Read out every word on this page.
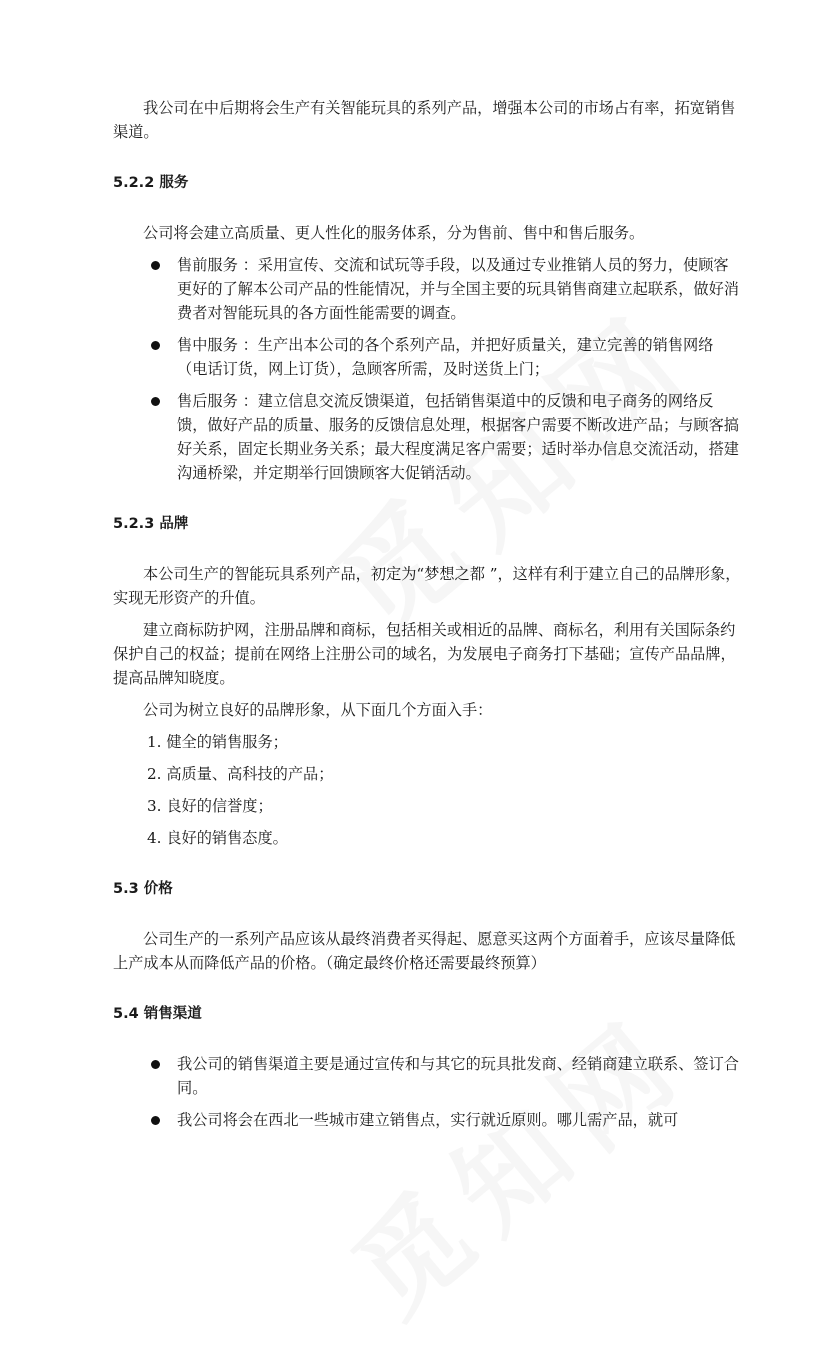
我公司在中后期将会生产有关智能玩具的系列产品，增强本公司的市场占有率，拓宽销售渠道。

5.2.2 服务

公司将会建立高质量、更人性化的服务体系，分为售前、售中和售后服务。

售前服务 ：采用宣传、交流和试玩等手段，以及通过专业推销人员的努力，使顾客更好的了解本公司产品的性能情况，并与全国主要的玩具销售商建立起联系，做好消费者对智能玩具的各方面性能需要的调查。
售中服务 ：生产出本公司的各个系列产品，并把好质量关，建立完善的销售网络（电话订货，网上订货），急顾客所需，及时送货上门；
售后服务 ：建立信息交流反馈渠道，包括销售渠道中的反馈和电子商务的网络反馈，做好产品的质量、服务的反馈信息处理，根据客户需要不断改进产品；与顾客搞好关系，固定长期业务关系；最大程度满足客户需要；适时举办信息交流活动，搭建沟通桥梁，并定期举行回馈顾客大促销活动。

5.2.3 品牌

本公司生产的智能玩具系列产品，初定为“梦想之都 ”，这样有利于建立自己的品牌形象，实现无形资产的升值。

建立商标防护网，注册品牌和商标，包括相关或相近的品牌、商标名，利用有关国际条约保护自己的权益；提前在网络上注册公司的域名，为发展电子商务打下基础；宣传产品品牌，提高品牌知晓度。

公司为树立良好的品牌形象，从下面几个方面入手：

1. 健全的销售服务；

2. 高质量、高科技的产品；

3. 良好的信誉度；

4. 良好的销售态度。

5.3 价格

公司生产的一系列产品应该从最终消费者买得起、愿意买这两个方面着手，应该尽量降低上产成本从而降低产品的价格。（确定最终价格还需要最终预算）

5.4 销售渠道

我公司的销售渠道主要是通过宣传和与其它的玩具批发商、经销商建立联系、签订合同。
我公司将会在西北一些城市建立销售点，实行就近原则。哪儿需产品，就可
